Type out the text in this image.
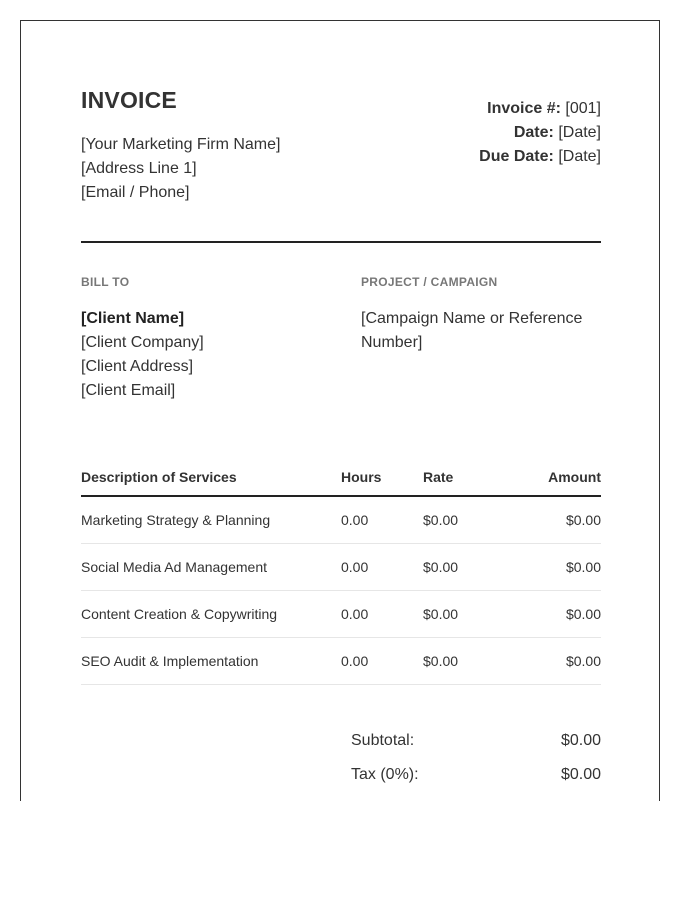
INVOICE
[Your Marketing Firm Name]
[Address Line 1]
[Email / Phone]
Invoice #: [001]
Date: [Date]
Due Date: [Date]
BILL TO	PROJECT / CAMPAIGN
[Client Name]
[Client Company]
[Client Address]
[Client Email]
[Campaign Name or Reference Number]
Description of Services	Hours	Rate	Amount
Marketing Strategy & Planning	0.00	$0.00	$0.00
Social Media Ad Management	0.00	$0.00	$0.00
Content Creation & Copywriting	0.00	$0.00	$0.00
SEO Audit & Implementation	0.00	$0.00	$0.00
Subtotal:	$0.00
Tax (0%):	$0.00
